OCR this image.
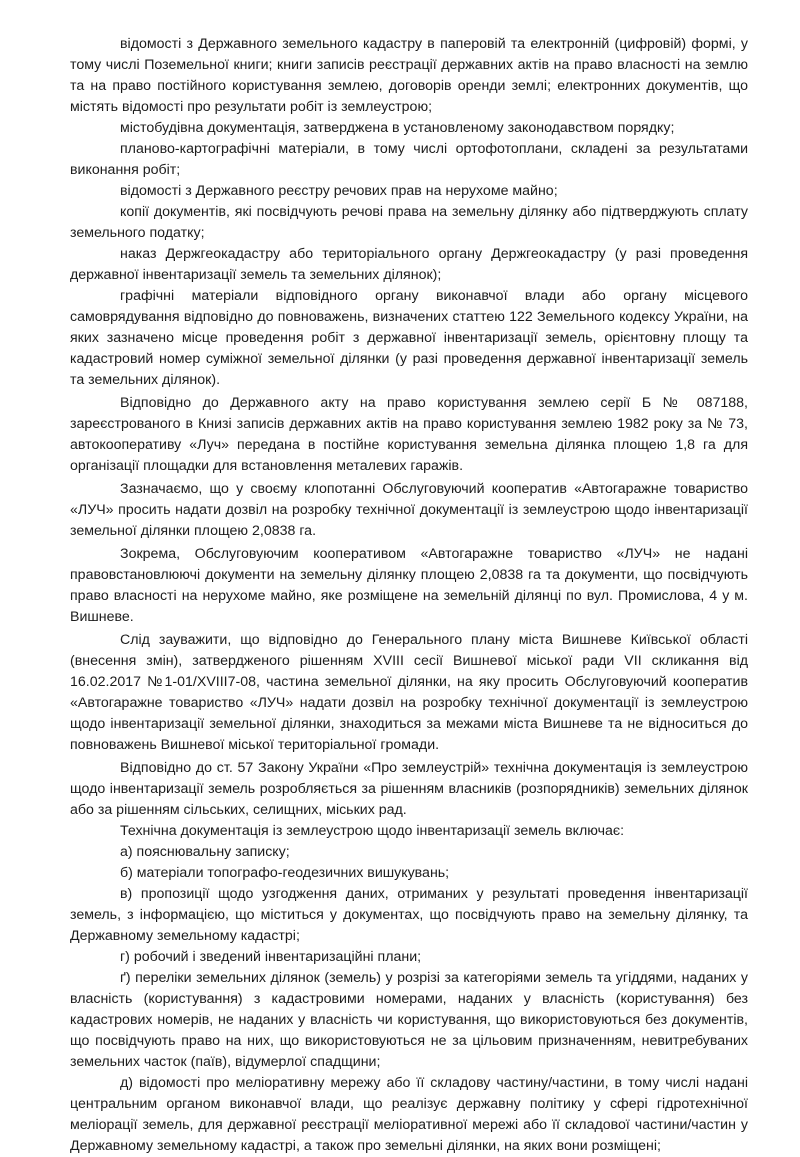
відомості з Державного земельного кадастру в паперовій та електронній (цифровій) формі, у тому числі Поземельної книги; книги записів реєстрації державних актів на право власності на землю та на право постійного користування землею, договорів оренди землі; електронних документів, що містять відомості про результати робіт із землеустрою;

містобудівна документація, затверджена в установленому законодавством порядку;

планово-картографічні матеріали, в тому числі ортофотоплани, складені за результатами виконання робіт;

відомості з Державного реєстру речових прав на нерухоме майно;

копії документів, які посвідчують речові права на земельну ділянку або підтверджують сплату земельного податку;

наказ Держгеокадастру або територіального органу Держгеокадастру (у разі проведення державної інвентаризації земель та земельних ділянок);

графічні матеріали відповідного органу виконавчої влади або органу місцевого самоврядування відповідно до повноважень, визначених статтею 122 Земельного кодексу України, на яких зазначено місце проведення робіт з державної інвентаризації земель, орієнтовну площу та кадастровий номер суміжної земельної ділянки (у разі проведення державної інвентаризації земель та земельних ділянок).

Відповідно до Державного акту на право користування землею серії Б № 087188, зареєстрованого в Книзі записів державних актів на право користування землею 1982 року за № 73, автокооперативу «Луч» передана в постійне користування земельна ділянка площею 1,8 га для організації площадки для встановлення металевих гаражів.

Зазначаємо, що у своєму клопотанні Обслуговуючий кооператив «Автогаражне товариство «ЛУЧ» просить надати дозвіл на розробку технічної документації із землеустрою щодо інвентаризації земельної ділянки площею 2,0838 га.

Зокрема, Обслуговуючим кооперативом «Автогаражне товариство «ЛУЧ» не надані правовстановлюючі документи на земельну ділянку площею 2,0838 га та документи, що посвідчують право власності на нерухоме майно, яке розміщене на земельній ділянці по вул. Промислова, 4 у м. Вишневе.

Слід зауважити, що відповідно до Генерального плану міста Вишневе Київської області (внесення змін), затвердженого рішенням XVIII сесії Вишневої міської ради VII скликання від 16.02.2017 №1-01/XVIII7-08, частина земельної ділянки, на яку просить Обслуговуючий кооператив «Автогаражне товариство «ЛУЧ» надати дозвіл на розробку технічної документації із землеустрою щодо інвентаризації земельної ділянки, знаходиться за межами міста Вишневе та не відноситься до повноважень Вишневої міської територіальної громади.

Відповідно до ст. 57 Закону України «Про землеустрій» технічна документація із землеустрою щодо інвентаризації земель розробляється за рішенням власників (розпорядників) земельних ділянок або за рішенням сільських, селищних, міських рад.

Технічна документація із землеустрою щодо інвентаризації земель включає:

а) пояснювальну записку;

б) матеріали топографо-геодезичних вишукувань;

в) пропозиції щодо узгодження даних, отриманих у результаті проведення інвентаризації земель, з інформацією, що міститься у документах, що посвідчують право на земельну ділянку, та Державному земельному кадастрі;

г) робочий і зведений інвентаризаційні плани;

ґ) переліки земельних ділянок (земель) у розрізі за категоріями земель та угіддями, наданих у власність (користування) з кадастровими номерами, наданих у власність (користування) без кадастрових номерів, не наданих у власність чи користування, що використовуються без документів, що посвідчують право на них, що використовуються не за цільовим призначенням, невитребуваних земельних часток (паїв), відумерлої спадщини;

д) відомості про меліоративну мережу або її складову частину/частини, в тому числі надані центральним органом виконавчої влади, що реалізує державну політику у сфері гідротехнічної меліорації земель, для державної реєстрації меліоративної мережі або її складової частини/частин у Державному земельному кадастрі, а також про земельні ділянки, на яких вони розміщені;
